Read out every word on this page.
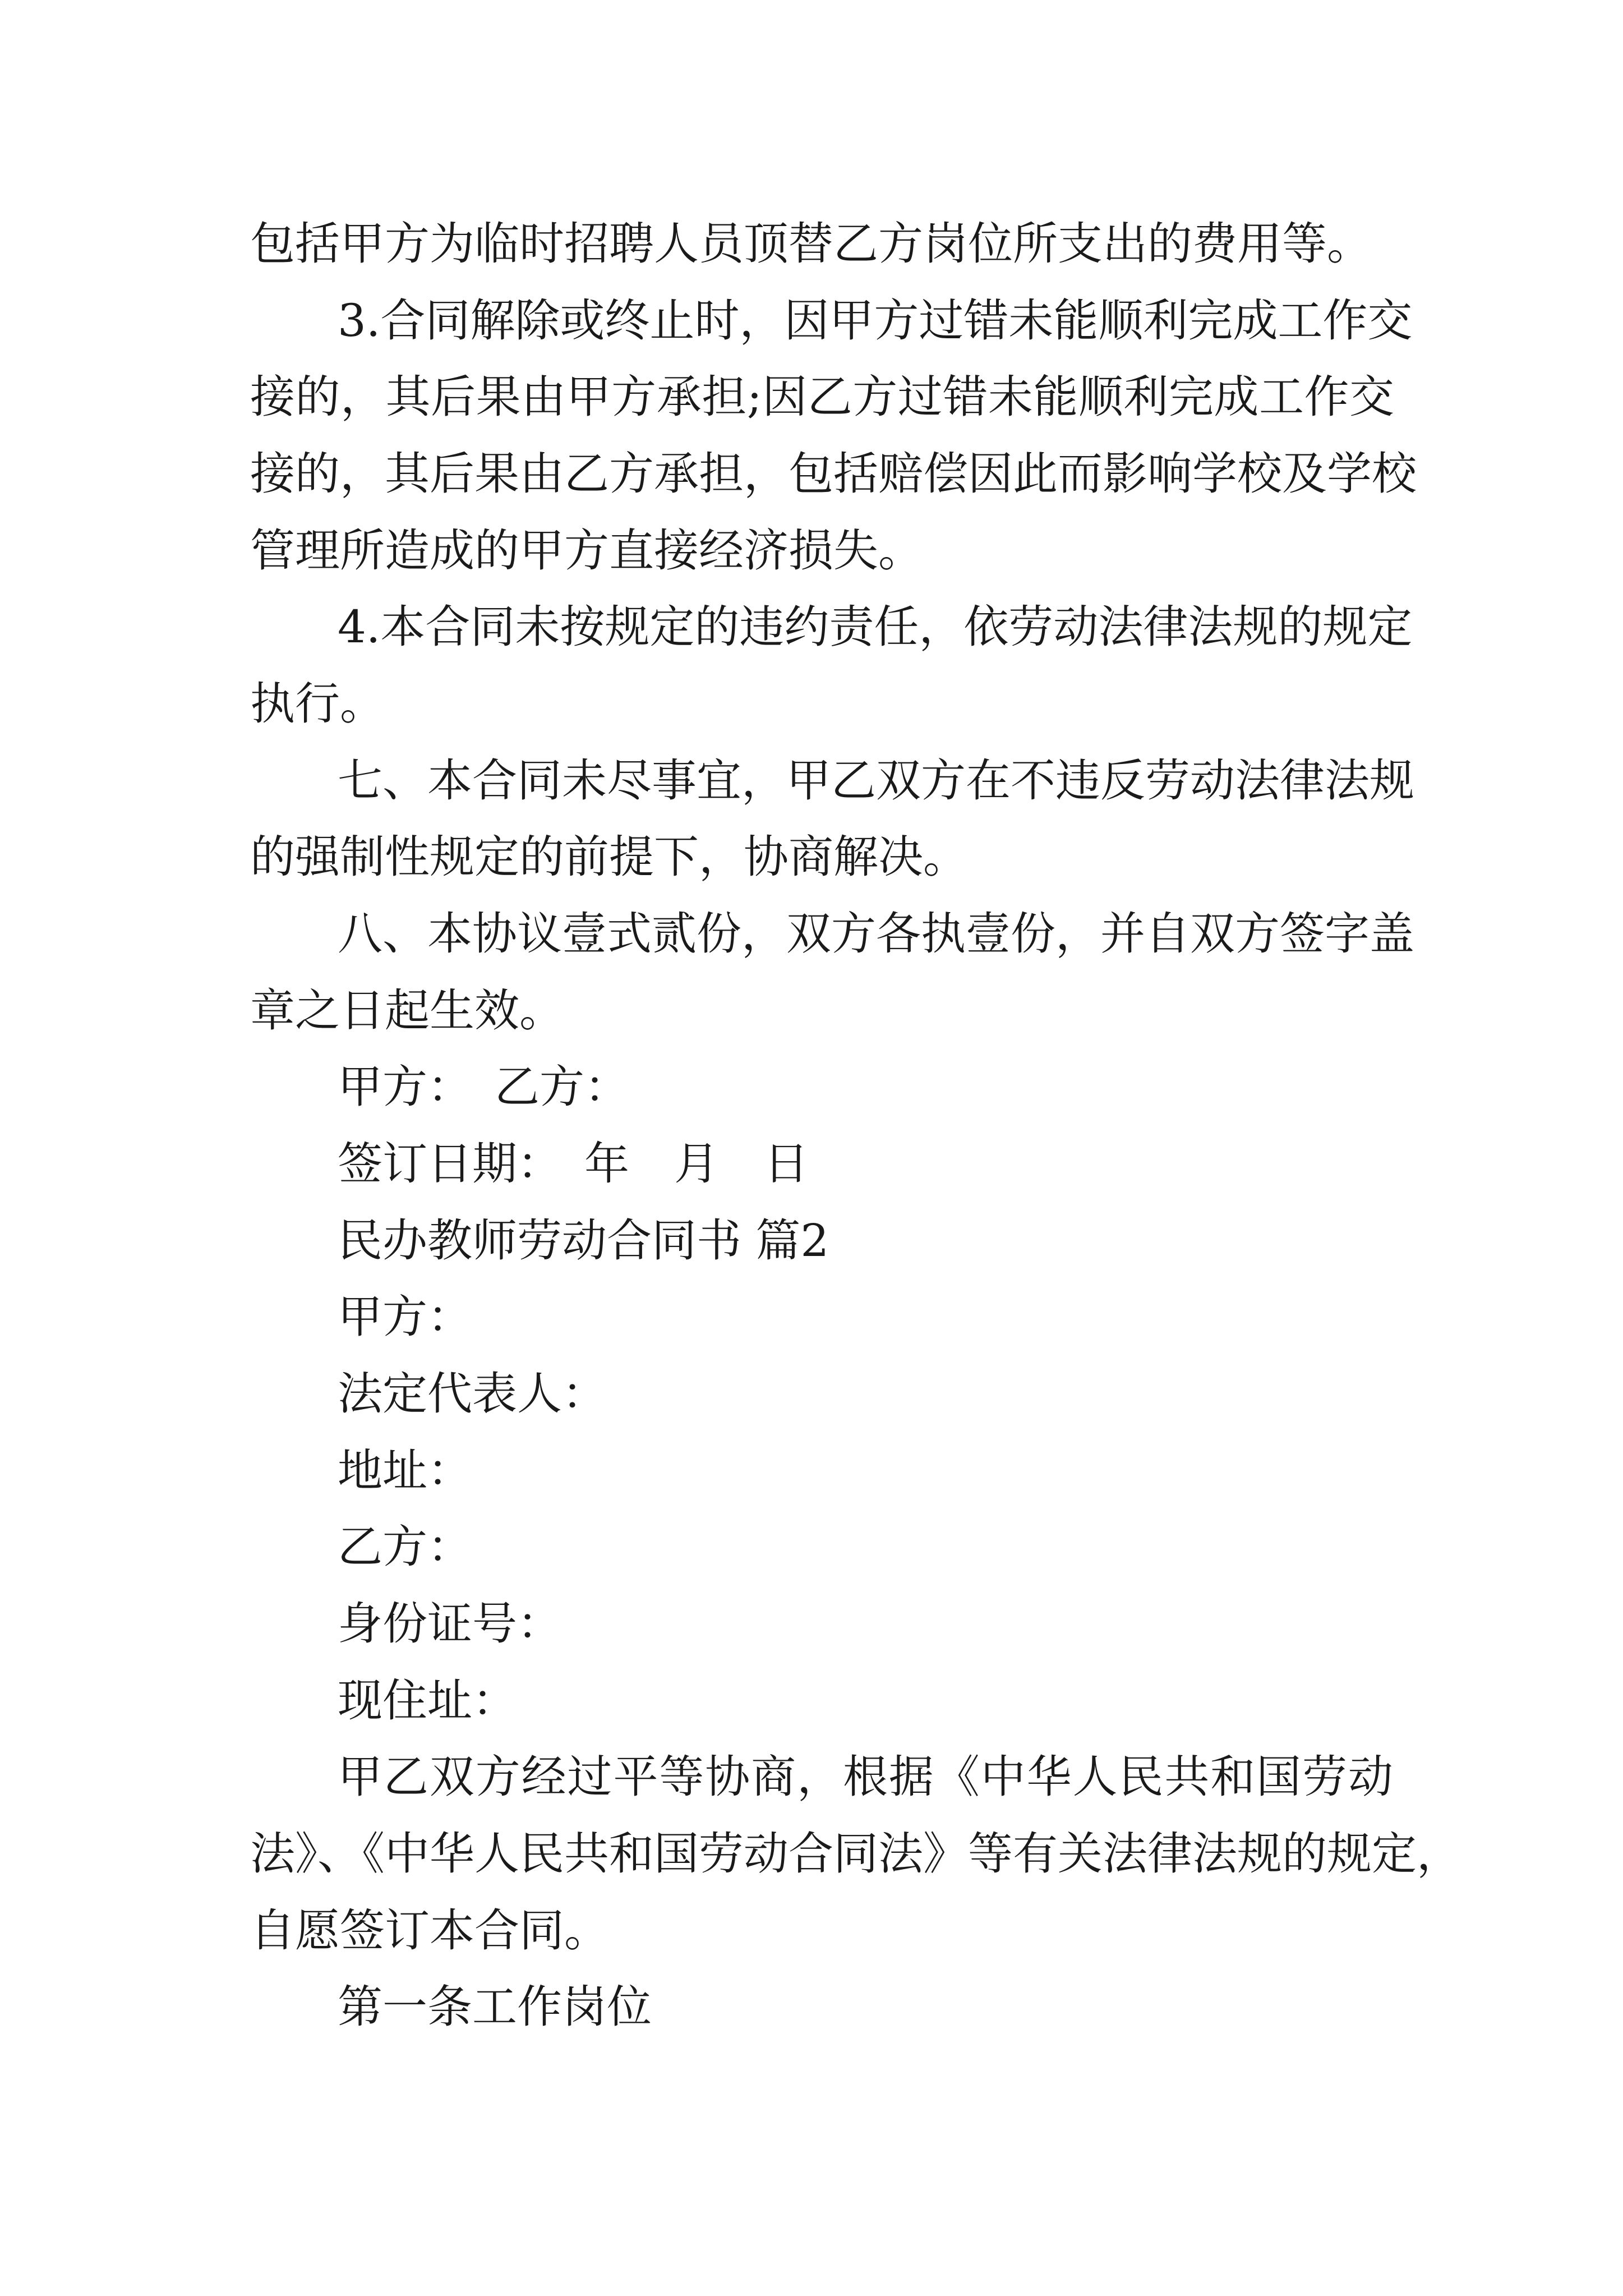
包括甲方为临时招聘人员顶替乙方岗位所支出的费用等。

3.合同解除或终止时，因甲方过错未能顺利完成工作交

接的，其后果由甲方承担;因乙方过错未能顺利完成工作交

接的，其后果由乙方承担，包括赔偿因此而影响学校及学校

管理所造成的甲方直接经济损失。

4.本合同未按规定的违约责任，依劳动法律法规的规定

执行。

七、本合同未尽事宜，甲乙双方在不违反劳动法律法规

的强制性规定的前提下，协商解决。

八、本协议壹式贰份，双方各执壹份，并自双方签字盖

章之日起生效。

甲方：　乙方：

签订日期：　年　月　日

民办教师劳动合同书 篇2

甲方：

法定代表人：

地址：

乙方：

身份证号：

现住址：

甲乙双方经过平等协商，根据《中华人民共和国劳动

法》、《中华人民共和国劳动合同法》等有关法律法规的规定，

自愿签订本合同。

第一条工作岗位
